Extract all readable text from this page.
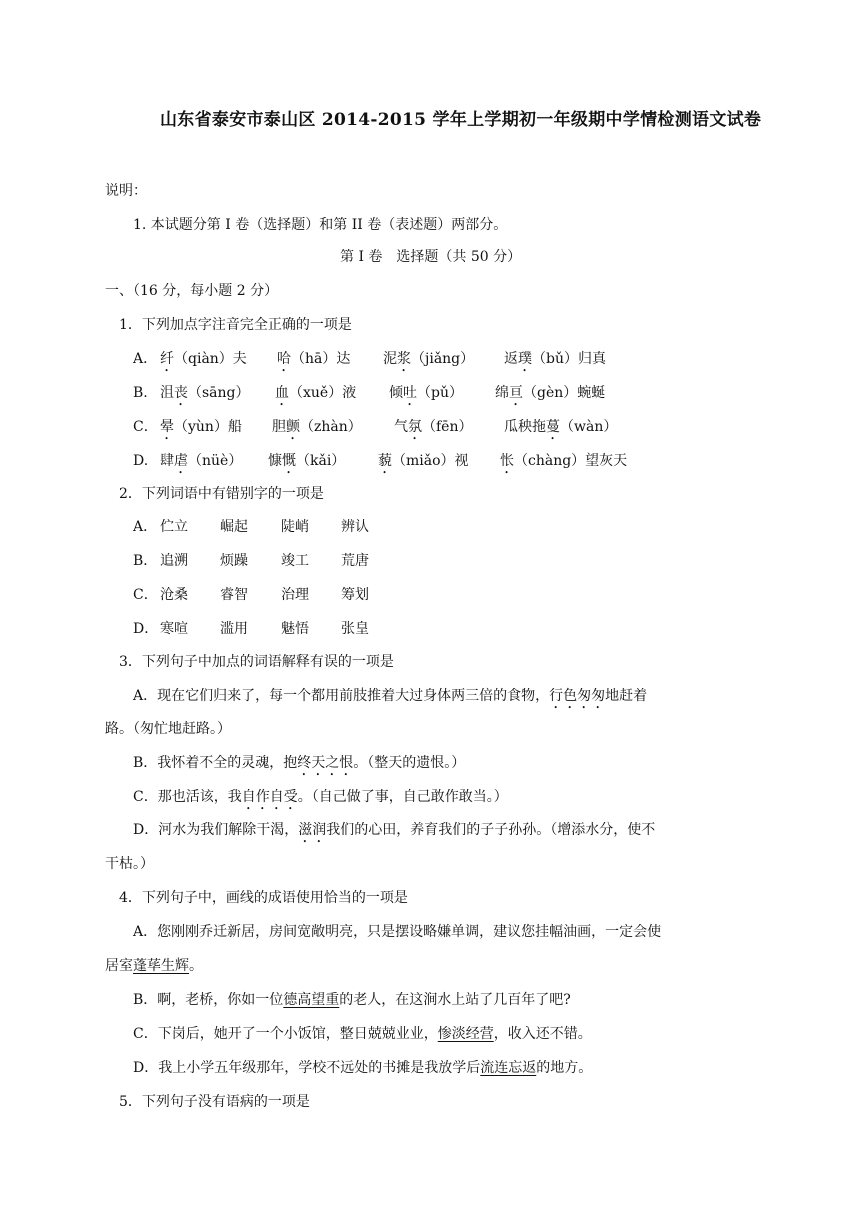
山东省泰安市泰山区 2014-2015 学年上学期初一年级期中学情检测语文试卷
说明：
1. 本试题分第 I 卷（选择题）和第 II 卷（表述题）两部分。
第 I 卷　选择题（共 50 分）
一、（16 分，每小题 2 分）
1．下列加点字注音完全正确的一项是
A． 纤（qiàn）夫 哈（hā）达 泥浆（jiǎng） 返璞（bǔ）归真
B. 沮丧（sāng） 血（xuě）液 倾吐（pǔ） 绵亘（gèn）蜿蜒
C． 晕（yùn）船 胆颤（zhàn） 气氛（fēn） 瓜秧拖蔓（wàn）
D. 肆虐（nüè） 慷慨（kǎi） 藐（miǎo）视 怅（chàng）望灰天
2．下列词语中有错别字的一项是
A． 伫立 崛起 陡峭 辨认
B． 追溯 烦躁 竣工 荒唐
C． 沧桑 睿智 治理 筹划
D． 寒喧 滥用 魅悟 张皇
3．下列句子中加点的词语解释有误的一项是
A．现在它们归来了，每一个都用前肢推着大过身体两三倍的食物，行色匆匆地赶着
路。（匆忙地赶路。）
B．我怀着不全的灵魂，抱终天之恨。（整天的遗恨。）
C．那也活该，我自作自受。（自己做了事，自己敢作敢当。）
D．河水为我们解除干渴，滋润我们的心田，养育我们的子子孙孙。（增添水分，使不
干枯。）
4．下列句子中，画线的成语使用恰当的一项是
A．您刚刚乔迁新居，房间宽敞明亮，只是摆设略嫌单调，建议您挂幅油画，一定会使
居室蓬荜生辉。
B．啊，老桥，你如一位德高望重的老人，在这涧水上站了几百年了吧?
C．下岗后，她开了一个小饭馆，整日兢兢业业，惨淡经营，收入还不错。
D．我上小学五年级那年，学校不远处的书摊是我放学后流连忘返的地方。
5．下列句子没有语病的一项是
